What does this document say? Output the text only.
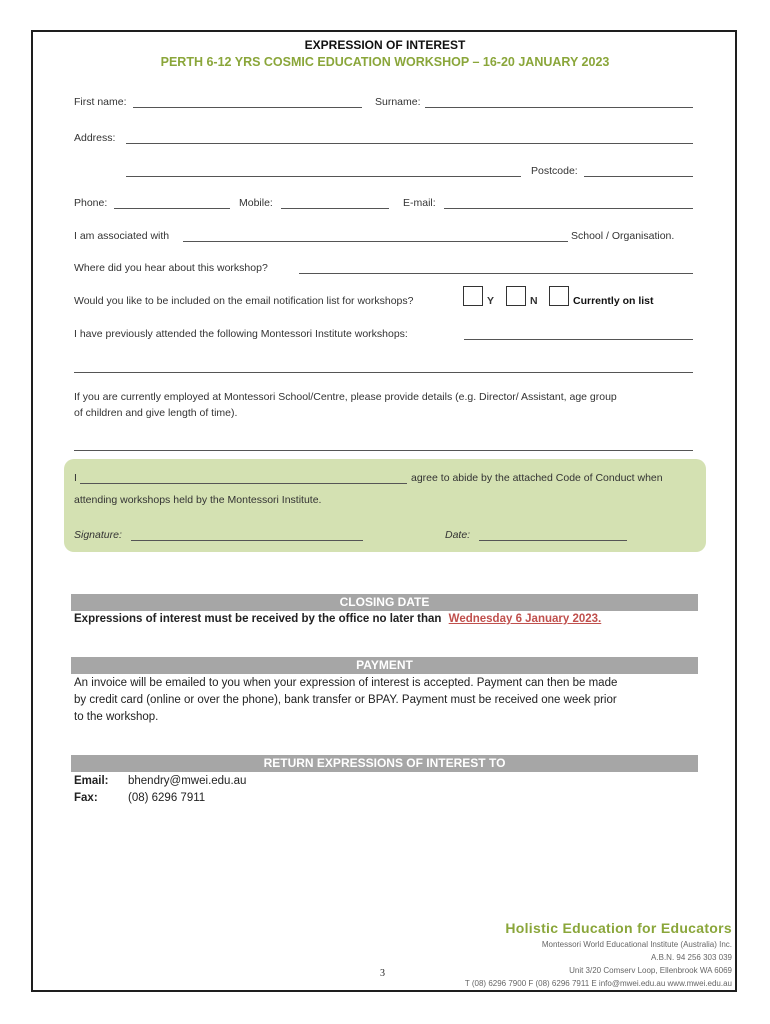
EXPRESSION OF INTEREST
PERTH 6-12 YRS COSMIC EDUCATION WORKSHOP – 16-20 JANUARY 2023
First name:	Surname:
Address:
Postcode:
Phone:	Mobile:	E-mail:
I am associated with	School / Organisation.
Where did you hear about this workshop?
Would you like to be included on the email notification list for workshops?	Y	N	Currently on list
I have previously attended the following Montessori Institute workshops:
If you are currently employed at Montessori School/Centre, please provide details (e.g. Director/ Assistant, age group
of children and give length of time).
I	agree to abide by the attached Code of Conduct when
attending workshops held by the Montessori Institute.
Signature:	Date:
CLOSING DATE
Expressions of interest must be received by the office no later than Wednesday 6 January 2023.
PAYMENT
An invoice will be emailed to you when your expression of interest is accepted. Payment can then be made
by credit card (online or over the phone), bank transfer or BPAY. Payment must be received one week prior
to the workshop.
RETURN EXPRESSIONS OF INTEREST TO
Email: bhendry@mwei.edu.au
Fax:	(08) 6296 7911
Holistic Education for Educators
Montessori World Educational Institute (Australia) Inc.
A.B.N. 94 256 303 039
Unit 3/20 Comserv Loop, Ellenbrook WA 6069
T (08) 6296 7900 F (08) 6296 7911 E info@mwei.edu.au www.mwei.edu.au
3
